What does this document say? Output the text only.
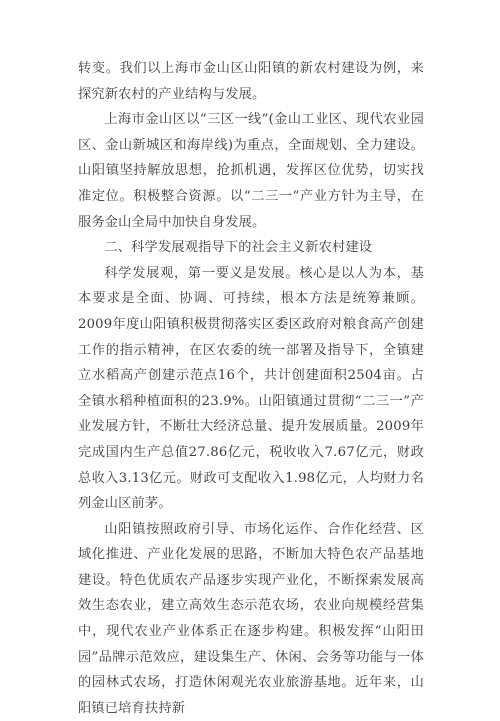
转变。我们以上海市金山区山阳镇的新农村建设为例，来探究新农村的产业结构与发展。

上海市金山区以“三区一线”(金山工业区、现代农业园区、金山新城区和海岸线)为重点，全面规划、全力建设。山阳镇坚持解放思想，抢抓机遇，发挥区位优势，切实找准定位。积极整合资源。以“二三一”产业方针为主导，在服务金山全局中加快自身发展。

二、科学发展观指导下的社会主义新农村建设

科学发展观，第一要义是发展。核心是以人为本，基本要求是全面、协调、可持续，根本方法是统筹兼顾。2009年度山阳镇积极贯彻落实区委区政府对粮食高产创建工作的指示精神，在区农委的统一部署及指导下，全镇建立水稻高产创建示范点16个，共计创建面积2504亩。占全镇水稻种植面积的23.9%。山阳镇通过贯彻“二三一”产业发展方针，不断壮大经济总量、提升发展质量。2009年完成国内生产总值27.86亿元，税收收入7.67亿元，财政总收入3.13亿元。财政可支配收入1.98亿元，人均财力名列金山区前茅。

山阳镇按照政府引导、市场化运作、合作化经营、区域化推进、产业化发展的思路，不断加大特色农产品基地建设。特色优质农产品逐步实现产业化，不断探索发展高效生态农业，建立高效生态示范农场，农业向规模经营集中，现代农业产业体系正在逐步构建。积极发挥“山阳田园”品牌示范效应，建设集生产、休闲、会务等功能与一体的园林式农场，打造休闲观光农业旅游基地。近年来，山阳镇已培育扶持新
